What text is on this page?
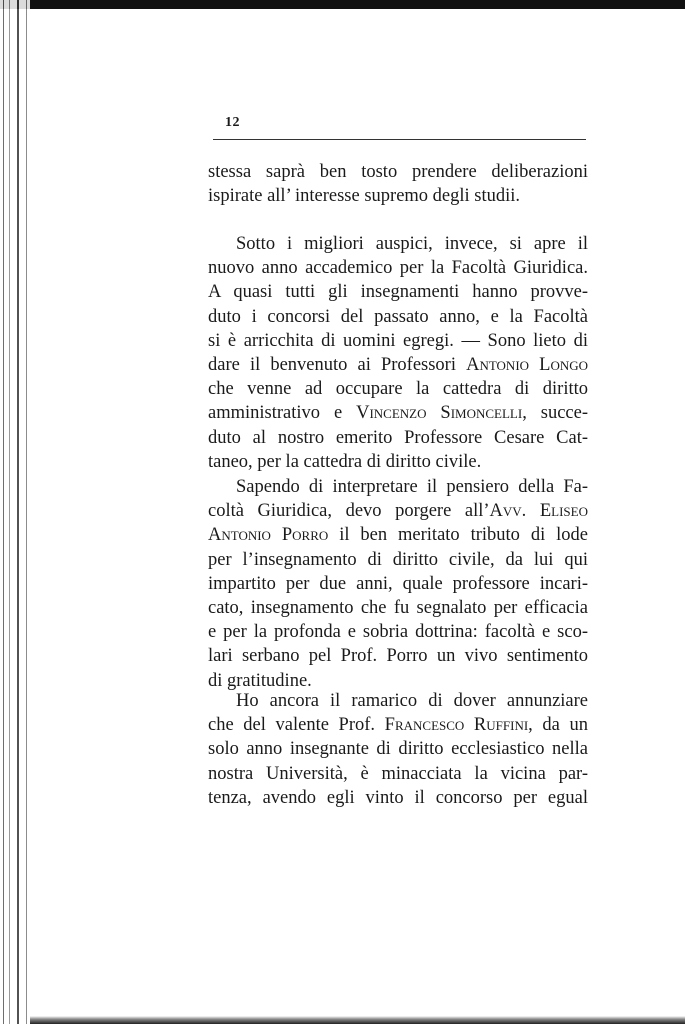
12
stessa saprà ben tosto prendere deliberazioni
ispirate all’ interesse supremo degli studii.
Sotto i migliori auspici, invece, si apre il
nuovo anno accademico per la Facoltà Giuridica.
A quasi tutti gli insegnamenti hanno provve-
duto i concorsi del passato anno, e la Facoltà
si è arricchita di uomini egregi. — Sono lieto di
dare il benvenuto ai Professori Antonio Longo
che venne ad occupare la cattedra di diritto
amministrativo e Vincenzo Simoncelli, succe-
duto al nostro emerito Professore Cesare Cat-
taneo, per la cattedra di diritto civile.
Sapendo di interpretare il pensiero della Fa-
coltà Giuridica, devo porgere all’Avv. Eliseo
Antonio Porro il ben meritato tributo di lode
per l’insegnamento di diritto civile, da lui qui
impartito per due anni, quale professore incari-
cato, insegnamento che fu segnalato per efficacia
e per la profonda e sobria dottrina: facoltà e sco-
lari serbano pel Prof. Porro un vivo sentimento
di gratitudine.
Ho ancora il ramarico di dover annunziare
che del valente Prof. Francesco Ruffini, da un
solo anno insegnante di diritto ecclesiastico nella
nostra Università, è minacciata la vicina par-
tenza, avendo egli vinto il concorso per egual
